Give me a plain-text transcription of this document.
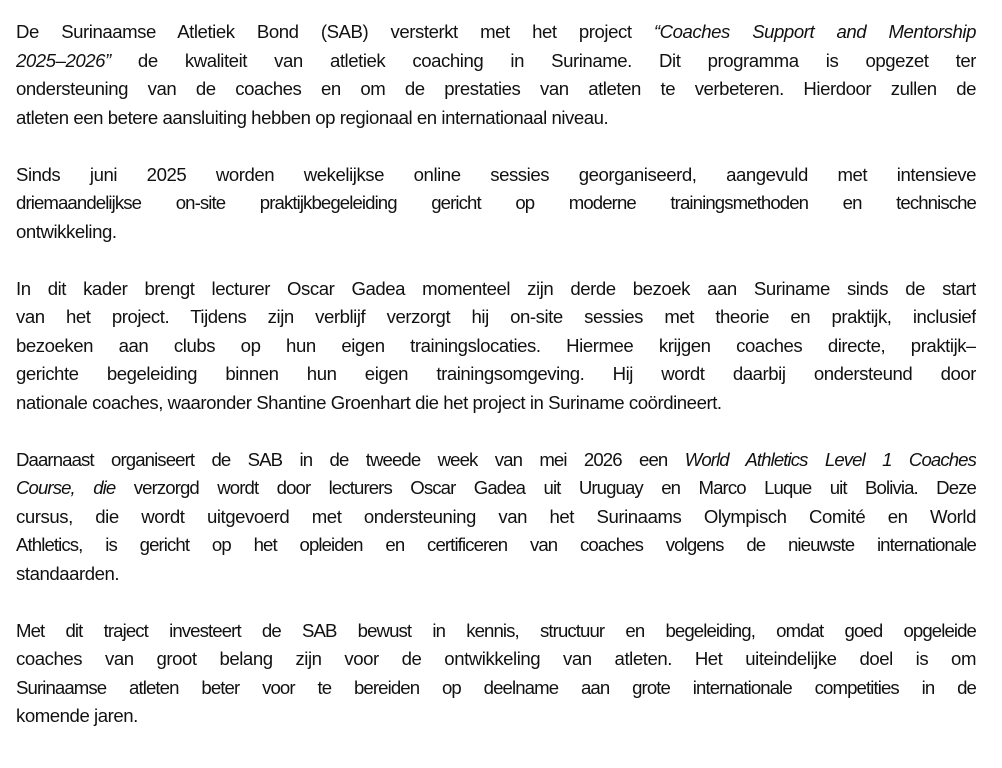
De Surinaamse Atletiek Bond (SAB) versterkt met het project “Coaches Support and Mentorship
2025–2026” de kwaliteit van atletiek coaching in Suriname. Dit programma is opgezet ter
ondersteuning van de coaches en om de prestaties van atleten te verbeteren. Hierdoor zullen de
atleten een betere aansluiting hebben op regionaal en internationaal niveau.

Sinds juni 2025 worden wekelijkse online sessies georganiseerd, aangevuld met intensieve
driemaandelijkse on-site praktijkbegeleiding gericht op moderne trainingsmethoden en technische
ontwikkeling.

In dit kader brengt lecturer Oscar Gadea momenteel zijn derde bezoek aan Suriname sinds de start
van het project. Tijdens zijn verblijf verzorgt hij on-site sessies met theorie en praktijk, inclusief
bezoeken aan clubs op hun eigen trainingslocaties. Hiermee krijgen coaches directe, praktijk–
gerichte begeleiding binnen hun eigen trainingsomgeving. Hij wordt daarbij ondersteund door
nationale coaches, waaronder Shantine Groenhart die het project in Suriname coördineert.

Daarnaast organiseert de SAB in de tweede week van mei 2026 een World Athletics Level 1 Coaches
Course, die verzorgd wordt door lecturers Oscar Gadea uit Uruguay en Marco Luque uit Bolivia. Deze
cursus, die wordt uitgevoerd met ondersteuning van het Surinaams Olympisch Comité en World
Athletics, is gericht op het opleiden en certificeren van coaches volgens de nieuwste internationale
standaarden.

Met dit traject investeert de SAB bewust in kennis, structuur en begeleiding, omdat goed opgeleide
coaches van groot belang zijn voor de ontwikkeling van atleten. Het uiteindelijke doel is om
Surinaamse atleten beter voor te bereiden op deelname aan grote internationale competities in de
komende jaren.
